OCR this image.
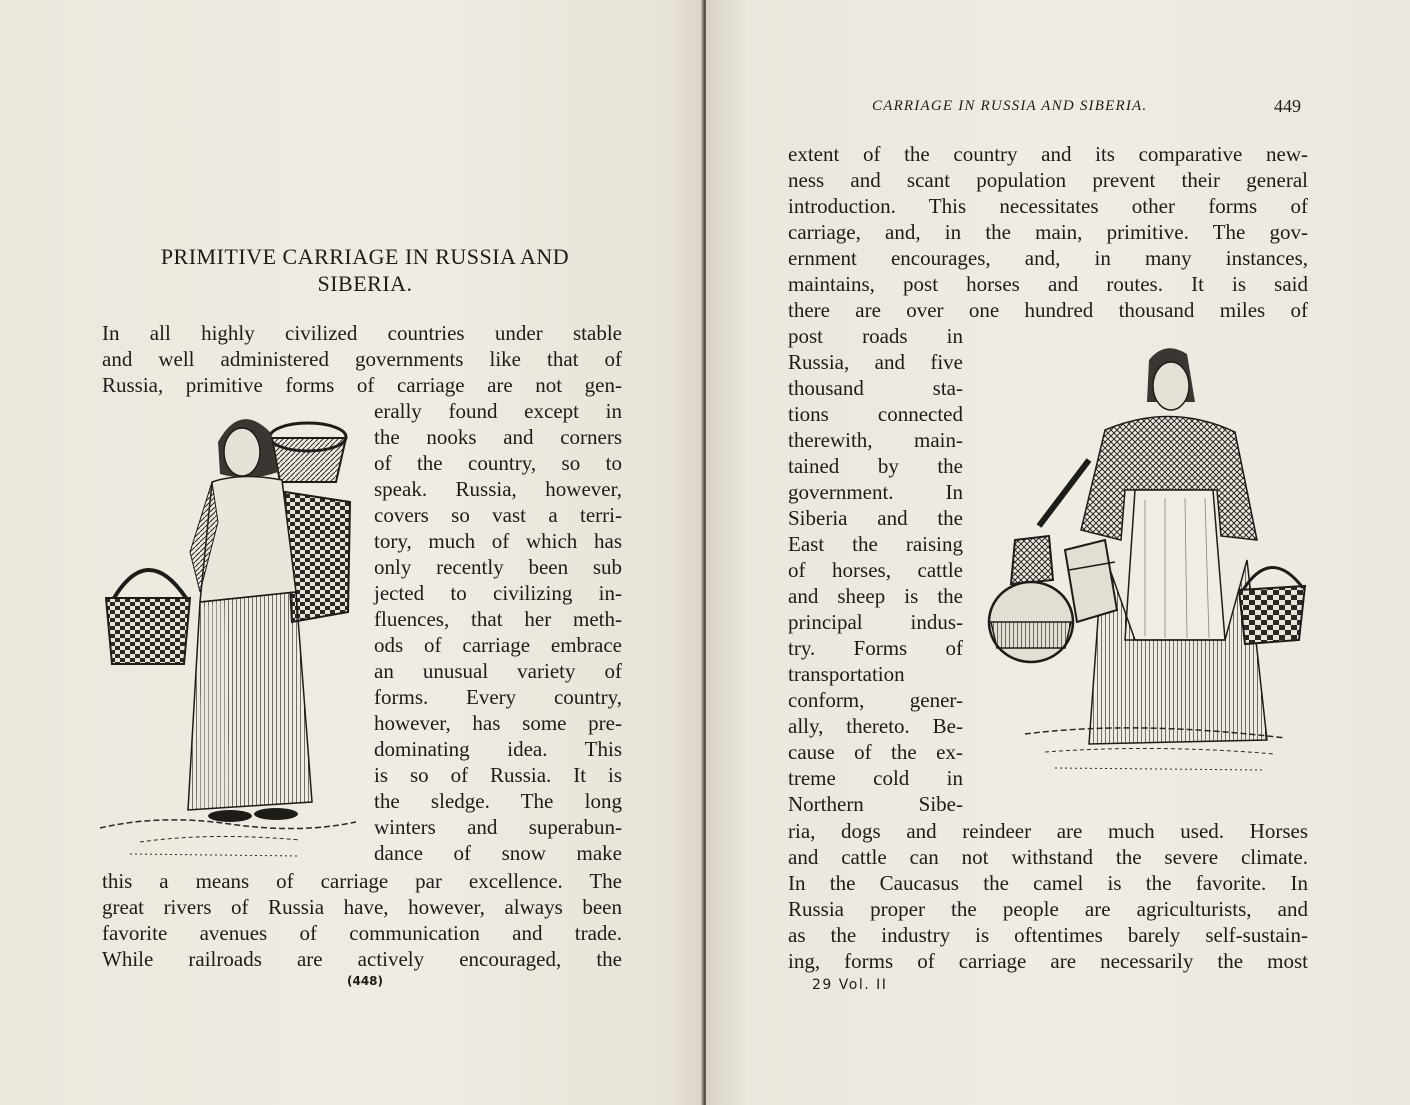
PRIMITIVE CARRIAGE IN RUSSIA AND
SIBERIA.
In all highly civilized countries under stable
and well administered governments like that of
Russia, primitive forms of carriage are not gen-
erally found except in
the nooks and corners
of the country, so to
speak. Russia, however,
covers so vast a terri-
tory, much of which has
only recently been sub
jected to civilizing in-
fluences, that her meth-
ods of carriage embrace
an unusual variety of
forms. Every country,
however, has some pre-
dominating idea. This
is so of Russia. It is
the sledge. The long
winters and superabun-
dance of snow make
this a means of carriage par excellence. The
great rivers of Russia have, however, always been
favorite avenues of communication and trade.
While railroads are actively encouraged, the
(448)
CARRIAGE IN RUSSIA AND SIBERIA.	449
extent of the country and its comparative new-
ness and scant population prevent their general
introduction. This necessitates other forms of
carriage, and, in the main, primitive. The gov-
ernment encourages, and, in many instances,
maintains, post horses and routes. It is said
there are over one hundred thousand miles of
post roads in
Russia, and five
thousand sta-
tions connected
therewith, main-
tained by the
government. In
Siberia and the
East the raising
of horses, cattle
and sheep is the
principal indus-
try. Forms of
transportation
conform, gener-
ally, thereto. Be-
cause of the ex-
treme cold in
Northern Sibe-
ria, dogs and reindeer are much used. Horses
and cattle can not withstand the severe climate.
In the Caucasus the camel is the favorite. In
Russia proper the people are agriculturists, and
as the industry is oftentimes barely self-sustain-
ing, forms of carriage are necessarily the most
29 Vol. II
